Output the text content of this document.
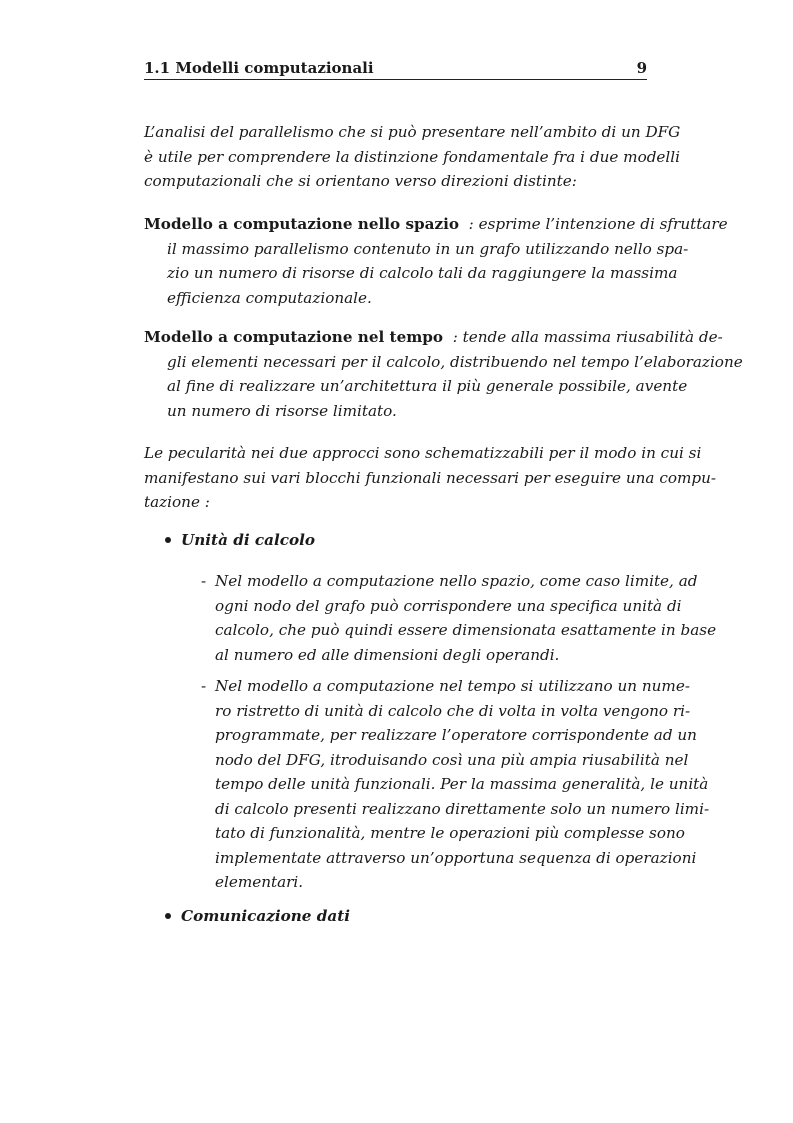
1.1 Modelli computazionali	9

L’analisi del parallelismo che si può presentare nell’ambito di un DFG
è utile per comprendere la distinzione fondamentale fra i due modelli
computazionali che si orientano verso direzioni distinte:

Modello a computazione nello spazio : esprime l’intenzione di sfruttare
il massimo parallelismo contenuto in un grafo utilizzando nello spa-
zio un numero di risorse di calcolo tali da raggiungere la massima
efficienza computazionale.
Modello a computazione nel tempo : tende alla massima riusabilità de-
gli elementi necessari per il calcolo, distribuendo nel tempo l’elaborazione
al fine di realizzare un’architettura il più generale possibile, avente
un numero di risorse limitato.

Le pecularità nei due approcci sono schematizzabili per il modo in cui si
manifestano sui vari blocchi funzionali necessari per eseguire una compu-
tazione :

Unità di calcolo
- Nel modello a computazione nello spazio, come caso limite, ad
ogni nodo del grafo può corrispondere una specifica unità di
calcolo, che può quindi essere dimensionata esattamente in base
al numero ed alle dimensioni degli operandi.
- Nel modello a computazione nel tempo si utilizzano un nume-
ro ristretto di unità di calcolo che di volta in volta vengono ri-
programmate, per realizzare l’operatore corrispondente ad un
nodo del DFG, itroduisando così una più ampia riusabilità nel
tempo delle unità funzionali. Per la massima generalità, le unità
di calcolo presenti realizzano direttamente solo un numero limi-
tato di funzionalità, mentre le operazioni più complesse sono
implementate attraverso un’opportuna sequenza di operazioni
elementari.
Comunicazione dati
